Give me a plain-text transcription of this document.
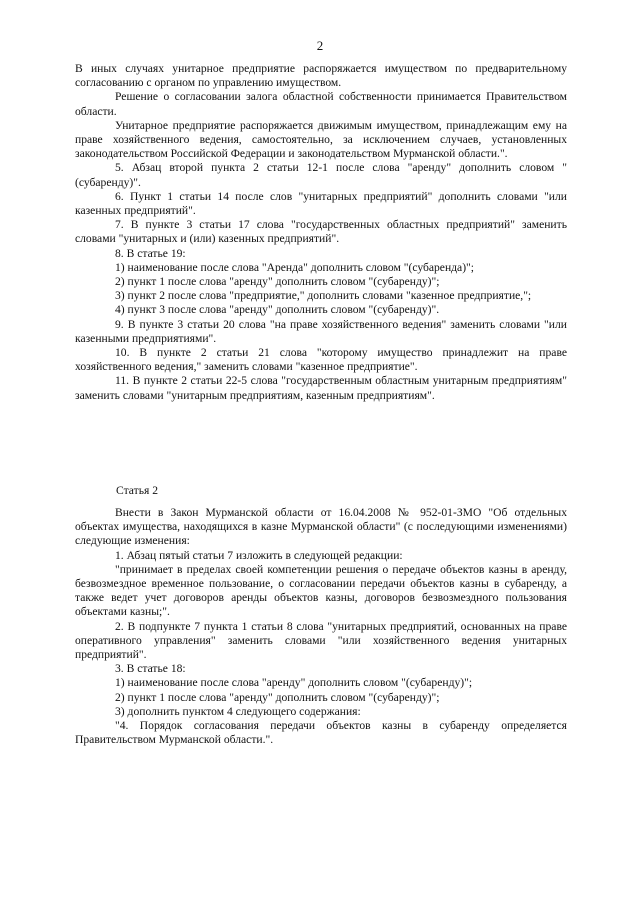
2

В иных случаях унитарное предприятие распоряжается имуществом по предварительному согласованию с органом по управлению имуществом.

Решение о согласовании залога областной собственности принимается Правительством области.

Унитарное предприятие распоряжается движимым имуществом, принадлежащим ему на праве хозяйственного ведения, самостоятельно, за исключением случаев, установленных законодательством Российской Федерации и законодательством Мурманской области.".

5. Абзац второй пункта 2 статьи 12-1 после слова "аренду" дополнить словом "(субаренду)".

6. Пункт 1 статьи 14 после слов "унитарных предприятий" дополнить словами "или казенных предприятий".

7. В пункте 3 статьи 17 слова "государственных областных предприятий" заменить словами "унитарных и (или) казенных предприятий".

8. В статье 19:

1) наименование после слова "Аренда" дополнить словом "(субаренда)";

2) пункт 1 после слова "аренду" дополнить словом "(субаренду)";

3) пункт 2 после слова "предприятие," дополнить словами "казенное предприятие,";

4) пункт 3 после слова "аренду" дополнить словом "(субаренду)".

9. В пункте 3 статьи 20 слова "на праве хозяйственного ведения" заменить словами "или казенными предприятиями".

10. В пункте 2 статьи 21 слова "которому имущество принадлежит на праве хозяйственного ведения," заменить словами "казенное предприятие".

11. В пункте 2 статьи 22-5 слова "государственным областным унитарным предприятиям" заменить словами "унитарным предприятиям, казенным предприятиям".

Статья 2

Внести в Закон Мурманской области от 16.04.2008 № 952-01-ЗМО "Об отдельных объектах имущества, находящихся в казне Мурманской области" (с последующими изменениями) следующие изменения:

1. Абзац пятый статьи 7 изложить в следующей редакции:

"принимает в пределах своей компетенции решения о передаче объектов казны в аренду, безвозмездное временное пользование, о согласовании передачи объектов казны в субаренду, а также ведет учет договоров аренды объектов казны, договоров безвозмездного пользования объектами казны;".

2. В подпункте 7 пункта 1 статьи 8 слова "унитарных предприятий, основанных на праве оперативного управления" заменить словами "или хозяйственного ведения унитарных предприятий".

3. В статье 18:

1) наименование после слова "аренду" дополнить словом "(субаренду)";

2) пункт 1 после слова "аренду" дополнить словом "(субаренду)";

3) дополнить пунктом 4 следующего содержания:

"4. Порядок согласования передачи объектов казны в субаренду определяется Правительством Мурманской области.".
